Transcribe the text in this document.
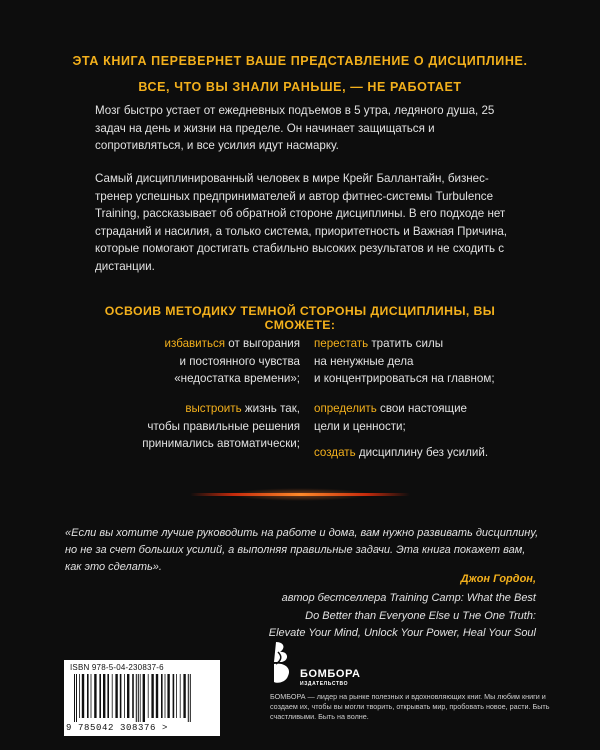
ЭТА КНИГА ПЕРЕВЕРНЕТ ВАШЕ ПРЕДСТАВЛЕНИЕ О ДИСЦИПЛИНЕ.
ВСЕ, ЧТО ВЫ ЗНАЛИ РАНЬШЕ, — НЕ РАБОТАЕТ

Мозг быстро устает от ежедневных подъемов в 5 утра, ледяного душа, 25 задач на день и жизни на пределе. Он начинает защищаться и сопротивляться, и все усилия идут насмарку.

Самый дисциплинированный человек в мире Крейг Баллантайн, бизнес-тренер успешных предпринимателей и автор фитнес-системы Turbulence Training, рассказывает об обратной стороне дисциплины. В его подходе нет страданий и насилия, а только система, приоритетность и Важная Причина, которые помогают достигать стабильно высоких результатов и не сходить с дистанции.

ОСВОИВ МЕТОДИКУ ТЕМНОЙ СТОРОНЫ ДИСЦИПЛИНЫ, ВЫ СМОЖЕТЕ:
избавиться от выгорания
и постоянного чувства
«недостатка времени»;
выстроить жизнь так,
чтобы правильные решения
принимались автоматически;
перестать тратить силы
на ненужные дела
и концентрироваться на главном;
определить свои настоящие
цели и ценности;
создать дисциплину без усилий.

«Если вы хотите лучше руководить на работе и дома, вам нужно развивать дисциплину, но не за счет больших усилий, а выполняя правильные задачи. Эта книга покажет вам, как это сделать».

Джон Гордон,
автор бестселлера Training Camp: What the Best
Do Better than Everyone Else и Тне One Truth:
Elevate Your Mind, Unlock Your Power, Heal Your Soul
ISBN 978-5-04-230837-6
9 785042 308376 >
БОМБОРА
ИЗДАТЕЛЬСТВО

БОМБОРА — лидер на рынке полезных и вдохновляющих книг. Мы любим книги и создаем их, чтобы вы могли творить, открывать мир, пробовать новое, расти. Быть счастливыми. Быть на волне.
